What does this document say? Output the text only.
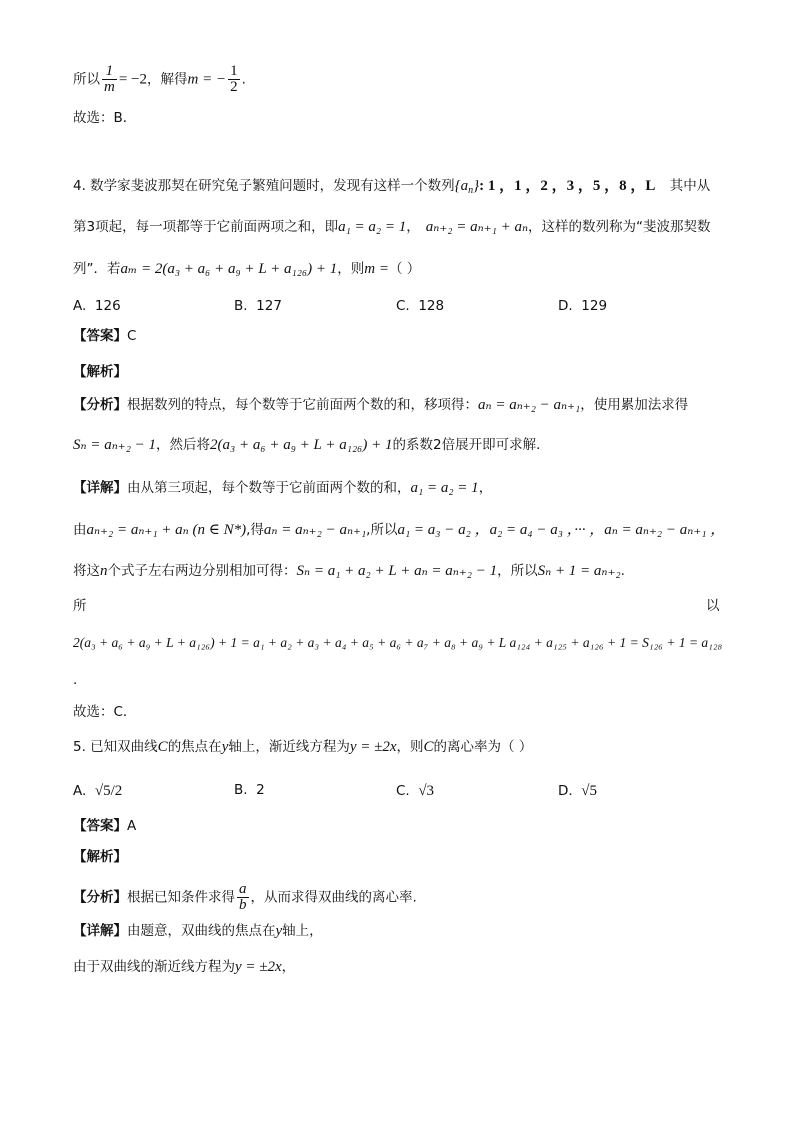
所以 $\frac{1}{m} = -2$，解得m = − $\frac{1}{2}$ .
故选：B．
4. 数学家斐波那契在研究兔子繁殖问题时，发现有这样一个数列$\{a_n\}$: 1 ，1 ，2 ，3 ，5 ，8 ，L 其中从
第3项起，每一项都等于它前面两项之和，即a₁ = a₂ = 1， aₙ₊₂ = aₙ₊₁ + aₙ，这样的数列称为“斐波那契数
列”．若aₘ = 2(a₃ + a₆ + a₉ + L + a₁₂₆) + 1，则m =（ ）
A. 126	B. 127	C. 128	D. 129
【答案】C
【解析】
【分析】根据数列的特点，每个数等于它前面两个数的和，移项得：aₙ = aₙ₊₂ − aₙ₊₁，使用累加法求得
Sₙ = aₙ₊₂ − 1，然后将2(a₃ + a₆ + a₉ + L + a₁₂₆) + 1的系数2倍展开即可求解．
【详解】由从第三项起，每个数等于它前面两个数的和，a₁ = a₂ = 1，
由aₙ₊₂ = aₙ₊₁ + aₙ (n ∈ N*),得aₙ = aₙ₊₂ − aₙ₊₁,所以a₁ = a₃ − a₂ ，a₂ = a₄ − a₃ ，··· ，aₙ = aₙ₊₂ − aₙ₊₁ ，
将这n个式子左右两边分别相加可得：Sₙ = a₁ + a₂ + L + aₙ = aₙ₊₂ − 1，所以Sₙ + 1 = aₙ₊₂.
所	以
2(a₃ + a₆ + a₉ + L + a₁₂₆) + 1 = a₁ + a₂ + a₃ + a₄ + a₅ + a₆ + a₇ + a₈ + a₉ + L a₁₂₄ + a₁₂₅ + a₁₂₆ + 1 = S₁₂₆ + 1 = a₁₂₈
.
故选：C．
5. 已知双曲线C的焦点在y轴上，渐近线方程为y = ±2x，则C的离心率为（ ）
A. √5/2	B. 2	C. √3	D. √5
【答案】A
【解析】
【分析】根据已知条件求得 $\frac{a}{b}$ ，从而求得双曲线的离心率.
【详解】由题意，双曲线的焦点在y轴上，
由于双曲线的渐近线方程为y = ±2x，
